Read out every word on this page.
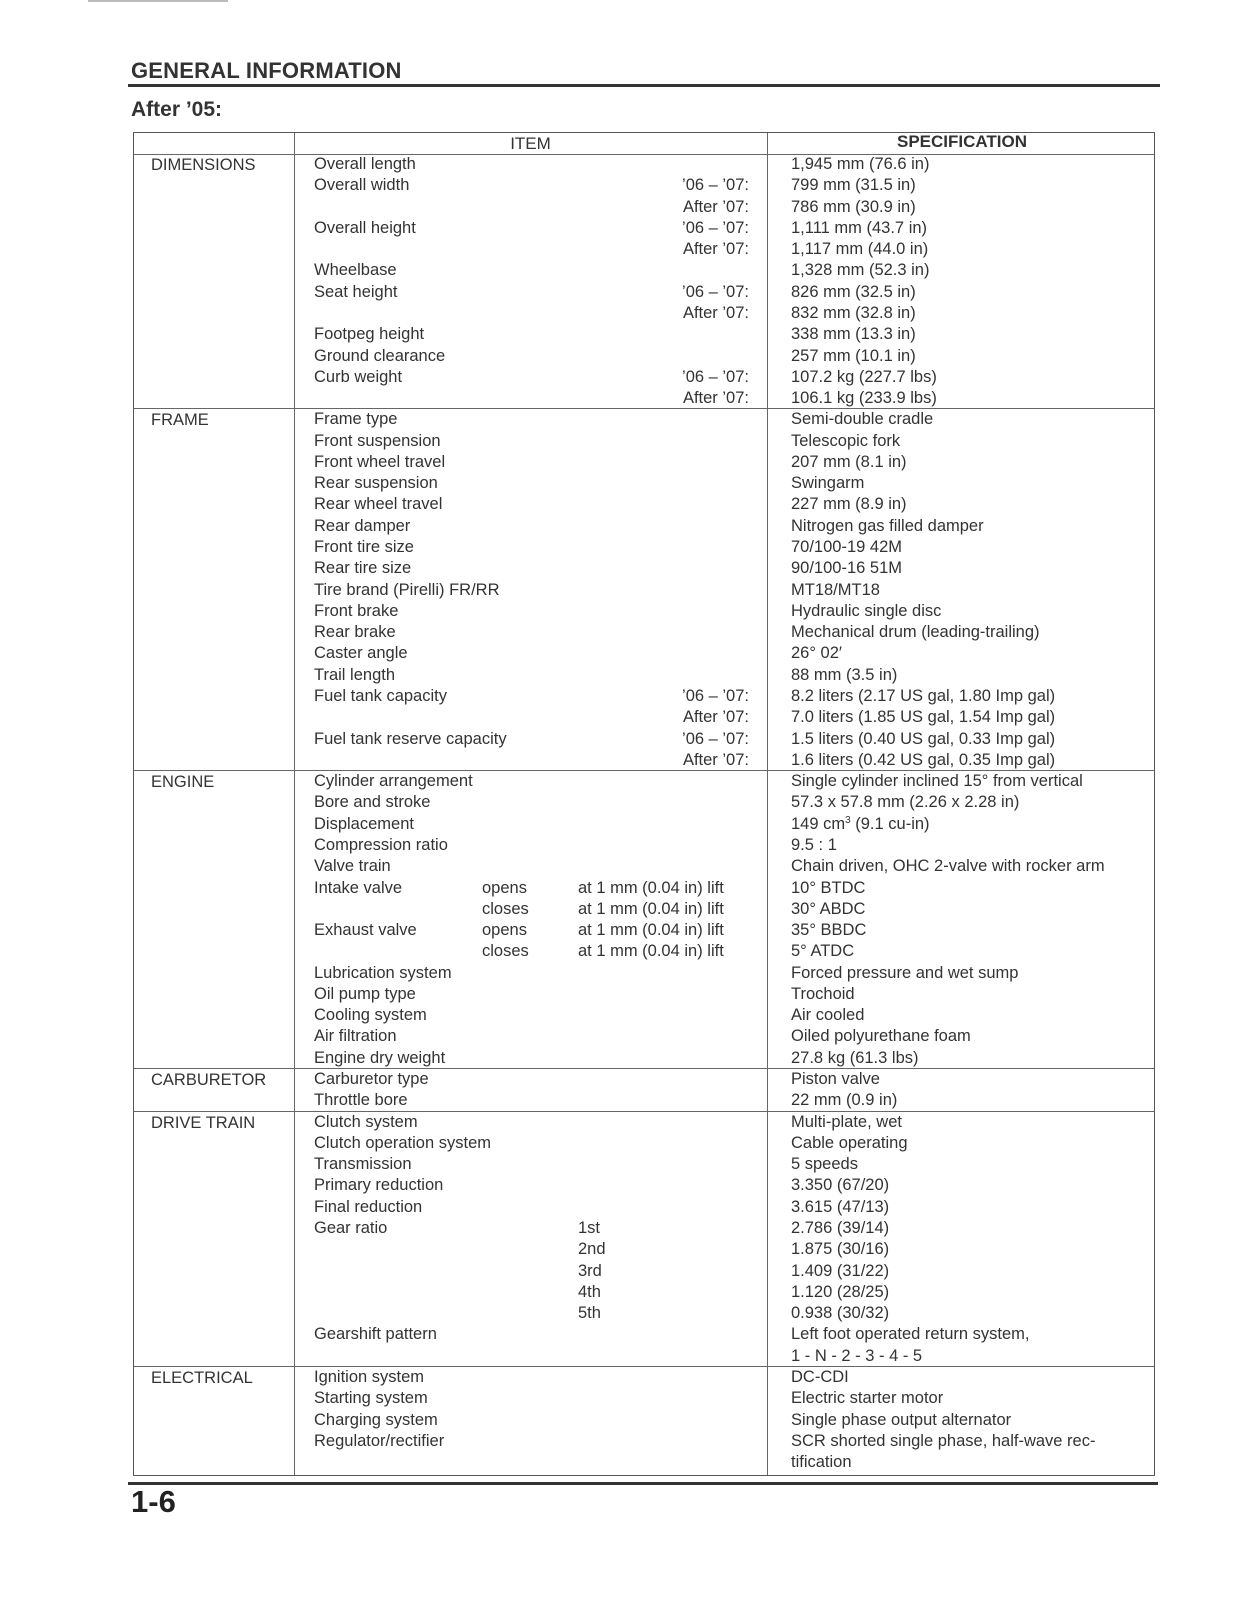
GENERAL INFORMATION
After ’05:
ITEM	SPECIFICATION
DIMENSIONS	Overall length	1,945 mm (76.6 in)
Overall width	’06 – ’07:	799 mm (31.5 in)
After ’07:	786 mm (30.9 in)
Overall height	’06 – ’07:	1,111 mm (43.7 in)
After ’07:	1,117 mm (44.0 in)
Wheelbase	1,328 mm (52.3 in)
Seat height	’06 – ’07:	826 mm (32.5 in)
After ’07:	832 mm (32.8 in)
Footpeg height	338 mm (13.3 in)
Ground clearance	257 mm (10.1 in)
Curb weight	’06 – ’07:	107.2 kg (227.7 lbs)
After ’07:	106.1 kg (233.9 lbs)
FRAME	Frame type	Semi-double cradle
Front suspension	Telescopic fork
Front wheel travel	207 mm (8.1 in)
Rear suspension	Swingarm
Rear wheel travel	227 mm (8.9 in)
Rear damper	Nitrogen gas filled damper
Front tire size	70/100-19 42M
Rear tire size	90/100-16 51M
Tire brand (Pirelli) FR/RR	MT18/MT18
Front brake	Hydraulic single disc
Rear brake	Mechanical drum (leading-trailing)
Caster angle	26° 02′
Trail length	88 mm (3.5 in)
Fuel tank capacity	’06 – ’07:	8.2 liters (2.17 US gal, 1.80 Imp gal)
After ’07:	7.0 liters (1.85 US gal, 1.54 Imp gal)
Fuel tank reserve capacity	’06 – ’07:	1.5 liters (0.40 US gal, 0.33 Imp gal)
After ’07:	1.6 liters (0.42 US gal, 0.35 Imp gal)
ENGINE	Cylinder arrangement	Single cylinder inclined 15° from vertical
Bore and stroke	57.3 x 57.8 mm (2.26 x 2.28 in)
Displacement	149 $cm^3$ (9.1 cu-in)
Compression ratio	9.5 : 1
Valve train	Chain driven, OHC 2-valve with rocker arm
Intake valve	opens	at 1 mm (0.04 in) lift	10° BTDC
closes	at 1 mm (0.04 in) lift	30° ABDC
Exhaust valve	opens	at 1 mm (0.04 in) lift	35° BBDC
closes	at 1 mm (0.04 in) lift	5° ATDC
Lubrication system	Forced pressure and wet sump
Oil pump type	Trochoid
Cooling system	Air cooled
Air filtration	Oiled polyurethane foam
Engine dry weight	27.8 kg (61.3 lbs)
CARBURETOR	Carburetor type	Piston valve
Throttle bore	22 mm (0.9 in)
DRIVE TRAIN	Clutch system	Multi-plate, wet
Clutch operation system	Cable operating
Transmission	5 speeds
Primary reduction	3.350 (67/20)
Final reduction	3.615 (47/13)
Gear ratio	1st	2.786 (39/14)
2nd	1.875 (30/16)
3rd	1.409 (31/22)
4th	1.120 (28/25)
5th	0.938 (30/32)
Gearshift pattern	Left foot operated return system,
1 - N - 2 - 3 - 4 - 5
ELECTRICAL	Ignition system	DC-CDI
Starting system	Electric starter motor
Charging system	Single phase output alternator
Regulator/rectifier	SCR shorted single phase, half-wave rec-
tification
1-6
